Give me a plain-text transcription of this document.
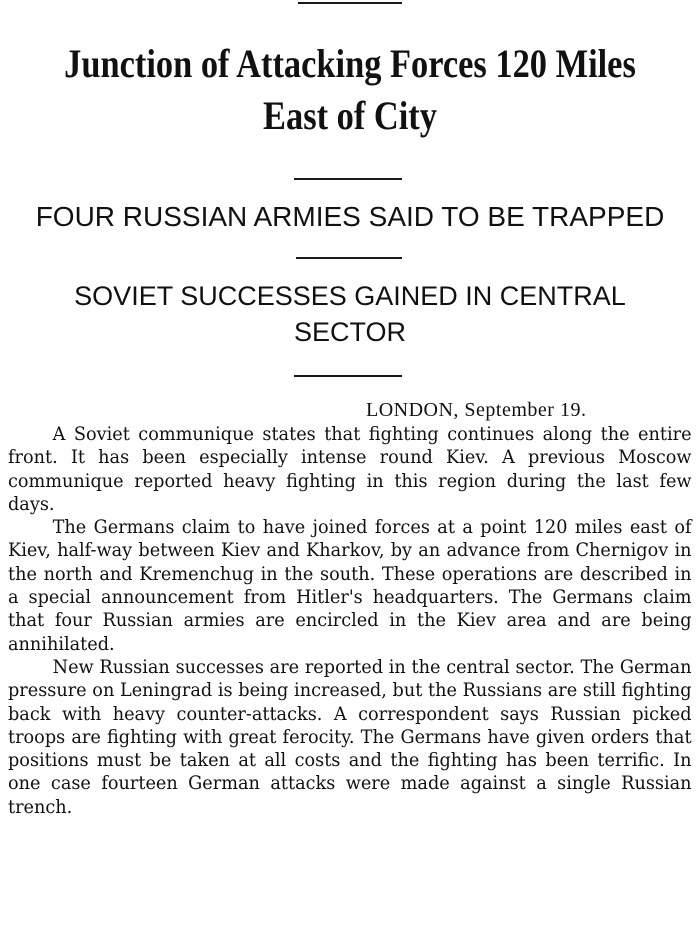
Junction of Attacking Forces 120 Miles
East of City
FOUR RUSSIAN ARMIES SAID TO BE TRAPPED
SOVIET SUCCESSES GAINED IN CENTRAL
SECTOR
LONDON, September 19.

A Soviet communique states that fighting continues along the entire front. It has been especially intense round Kiev. A previous Moscow communique reported heavy fighting in this region during the last few days.

The Germans claim to have joined forces at a point 120 miles east of Kiev, half-way between Kiev and Kharkov, by an advance from Chernigov in the north and Kremenchug in the south. These operations are described in a special announcement from Hitler's headquarters. The Germans claim that four Russian armies are encircled in the Kiev area and are being annihilated.

New Russian successes are reported in the central sector. The German pressure on Leningrad is being increased, but the Russians are still fighting back with heavy counter-attacks. A correspondent says Russian picked troops are fighting with great ferocity. The Germans have given orders that positions must be taken at all costs and the fighting has been terrific. In one case fourteen German attacks were made against a single Russian trench.
